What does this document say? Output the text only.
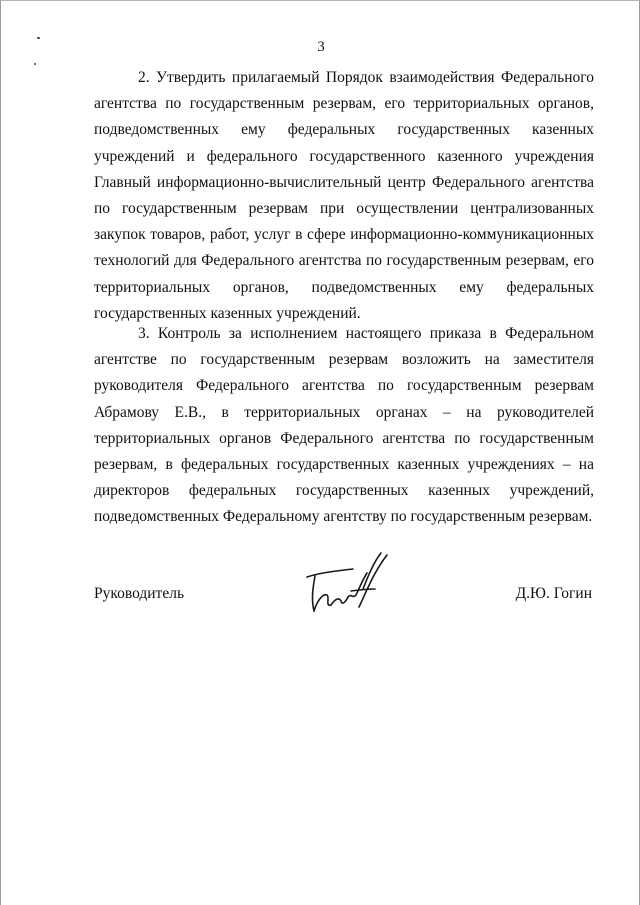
3

2. Утвердить прилагаемый Порядок взаимодействия Федерального агентства по государственным резервам, его территориальных органов, подведомственных ему федеральных государственных казенных учреждений и федерального государственного казенного учреждения Главный информационно-вычислительный центр Федерального агентства по государственным резервам при осуществлении централизованных закупок товаров, работ, услуг в сфере информационно-коммуникационных технологий для Федерального агентства по государственным резервам, его территориальных органов, подведомственных ему федеральных государственных казенных учреждений.

3. Контроль за исполнением настоящего приказа в Федеральном агентстве по государственным резервам возложить на заместителя руководителя Федерального агентства по государственным резервам Абрамову Е.В., в территориальных органах – на руководителей территориальных органов Федерального агентства по государственным резервам, в федеральных государственных казенных учреждениях – на директоров федеральных государственных казенных учреждений, подведомственных Федеральному агентству по государственным резервам.

Руководитель	Д.Ю. Гогин
